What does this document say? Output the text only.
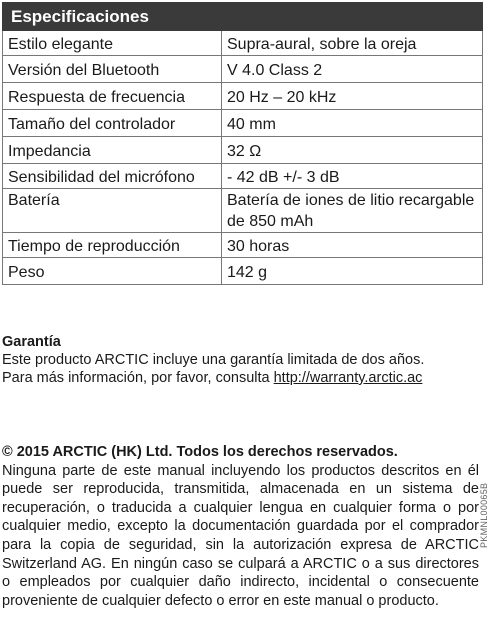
Especificaciones	
Estilo elegante	Supra-aural, sobre la oreja
Versión del Bluetooth	V 4.0 Class 2
Respuesta de frecuencia	20 Hz – 20 kHz
Tamaño del controlador	40 mm
Impedancia	32 Ω
Sensibilidad del micrófono	- 42 dB +/- 3 dB
Batería	Batería de iones de litio recargable de 850 mAh
Tiempo de reproducción	30 horas
Peso	142 g
Garantía
Este producto ARCTIC incluye una garantía limitada de dos años.
Para más información, por favor, consulta http://warranty.arctic.ac
© 2015 ARCTIC (HK) Ltd. Todos los derechos reservados.
Ninguna parte de este manual incluyendo los productos descritos en él puede ser reproducida, transmitida, almacenada en un sistema de recuperación, o traducida a cualquier lengua en cualquier forma o por cualquier medio, excepto la documentación guardada por el comprador para la copia de seguridad, sin la autorización expresa de ARCTIC Switzerland AG. En ningún caso se culpará a ARCTIC o a sus directores o empleados por cualquier daño indirecto, incidental o consecuente proveniente de cualquier defecto o error en este manual o producto.
PKMNL00065B
